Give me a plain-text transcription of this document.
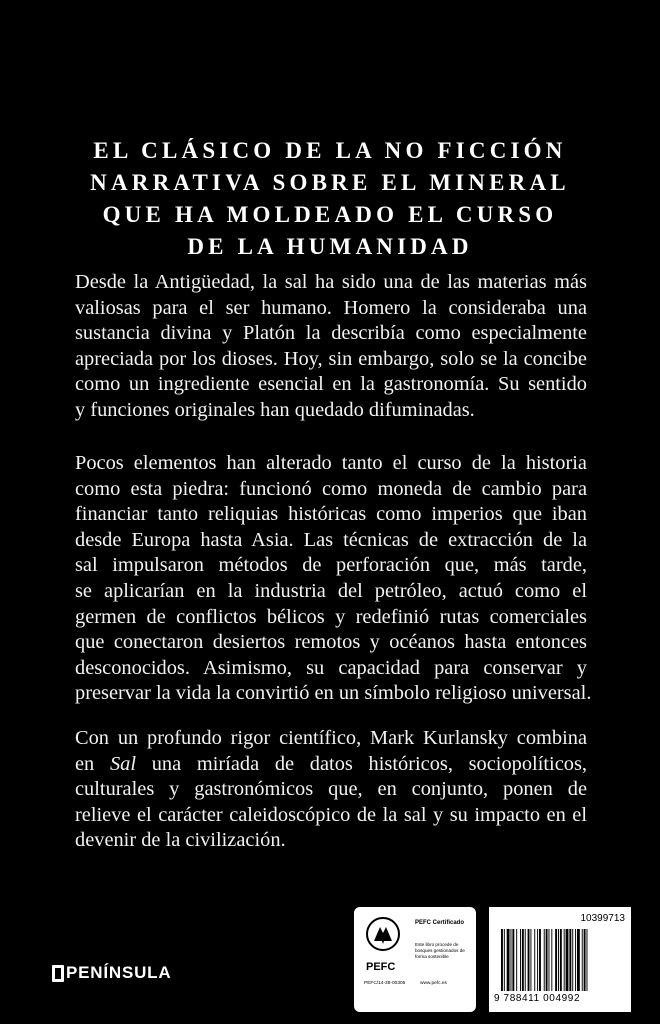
EL CLÁSICO DE LA NO FICCIÓN
NARRATIVA SOBRE EL MINERAL
QUE HA MOLDEADO EL CURSO
DE LA HUMANIDAD
Desde la Antigüedad, la sal ha sido una de las materias más
valiosas para el ser humano. Homero la consideraba una
sustancia divina y Platón la describía como especialmente
apreciada por los dioses. Hoy, sin embargo, solo se la concibe
como un ingrediente esencial en la gastronomía. Su sentido
y funciones originales han quedado difuminadas.
Pocos elementos han alterado tanto el curso de la historia
como esta piedra: funcionó como moneda de cambio para
financiar tanto reliquias históricas como imperios que iban
desde Europa hasta Asia. Las técnicas de extracción de la
sal impulsaron métodos de perforación que, más tarde,
se aplicarían en la industria del petróleo, actuó como el
germen de conflictos bélicos y redefinió rutas comerciales
que conectaron desiertos remotos y océanos hasta entonces
desconocidos. Asimismo, su capacidad para conservar y
preservar la vida la convirtió en un símbolo religioso universal.
Con un profundo rigor científico, Mark Kurlansky combina
en Sal una miríada de datos históricos, sociopolíticos,
culturales y gastronómicos que, en conjunto, ponen de
relieve el carácter caleidoscópico de la sal y su impacto en el
devenir de la civilización.
PENÍNSULA	PEFC
PEFC Certificado
Este libro procede de bosques gestionados de forma sostenible
PEFC/14-38-00305	www.pefc.es
10399713
9 788411 004992
